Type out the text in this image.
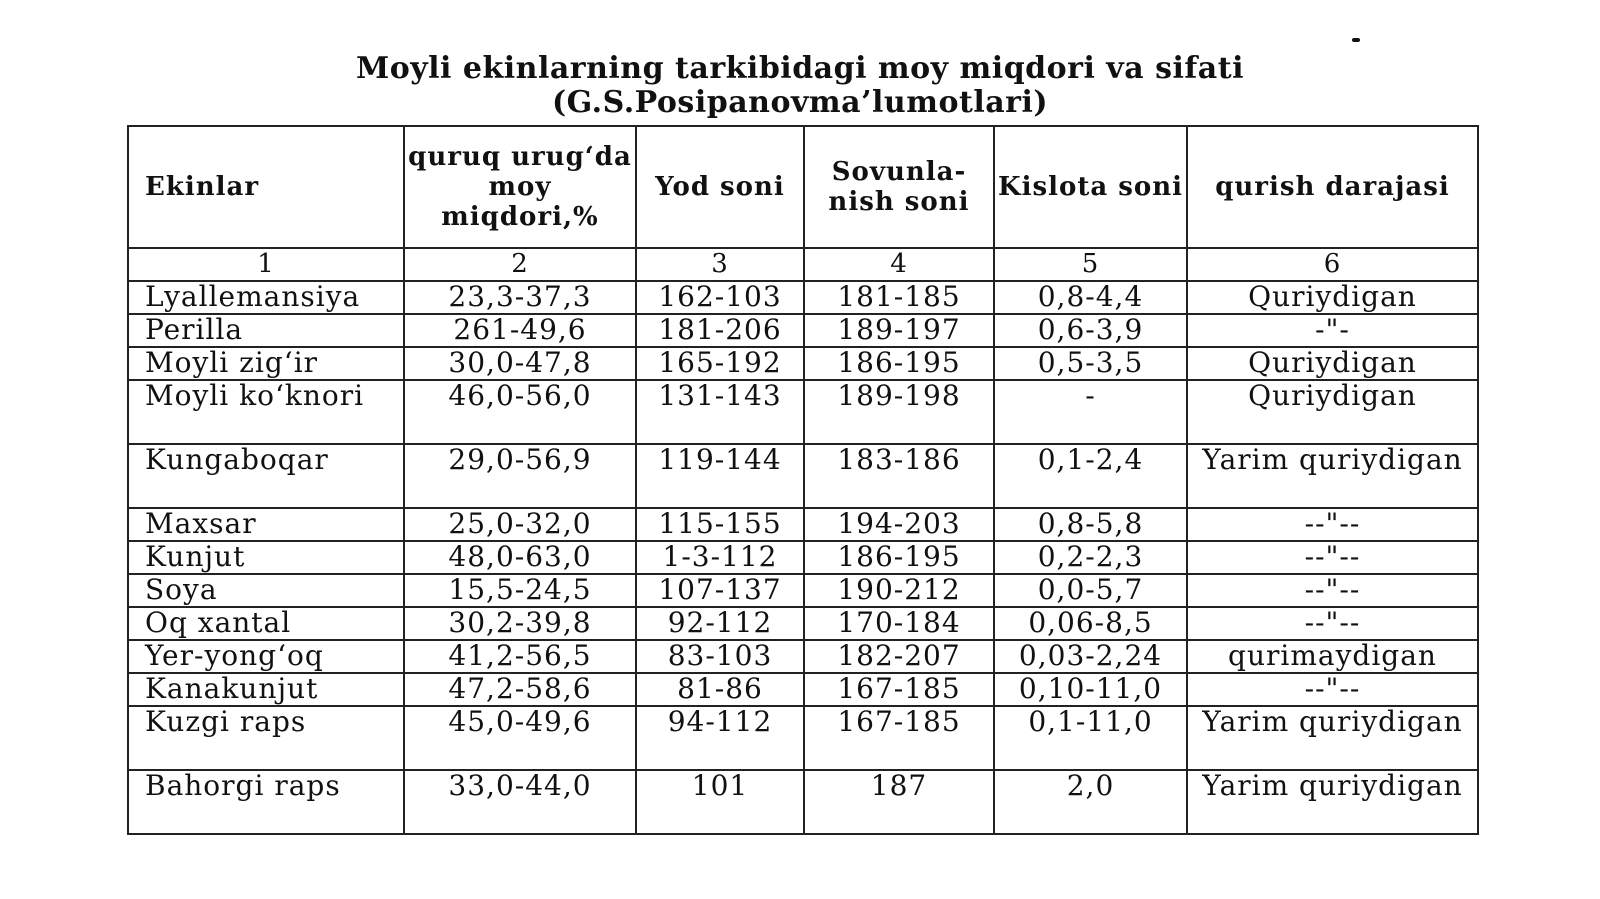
Moyli ekinlarning tarkibidagi moy miqdori va sifati
(G.S.Posipanovma’lumotlari)
Ekinlar	quruq urug‘da moy miqdori,%	Yod soni	Sovunla-nish soni	Kislota soni	qurish darajasi
1	2	3	4	5	6
Lyallemansiya	23,3-37,3	162-103	181-185	0,8-4,4	Quriydigan
Perilla	261-49,6	181-206	189-197	0,6-3,9	-"-
Moyli zig‘ir	30,0-47,8	165-192	186-195	0,5-3,5	Quriydigan
Moyli ko‘knori	46,0-56,0	131-143	189-198	-	Quriydigan
Kungaboqar	29,0-56,9	119-144	183-186	0,1-2,4	Yarim quriydigan
Maxsar	25,0-32,0	115-155	194-203	0,8-5,8	--"--
Kunjut	48,0-63,0	1-3-112	186-195	0,2-2,3	--"--
Soya	15,5-24,5	107-137	190-212	0,0-5,7	--"--
Oq xantal	30,2-39,8	92-112	170-184	0,06-8,5	--"--
Yer-yong‘oq	41,2-56,5	83-103	182-207	0,03-2,24	qurimaydigan
Kanakunjut	47,2-58,6	81-86	167-185	0,10-11,0	--"--
Kuzgi raps	45,0-49,6	94-112	167-185	0,1-11,0	Yarim quriydigan
Bahorgi raps	33,0-44,0	101	187	2,0	Yarim quriydigan
